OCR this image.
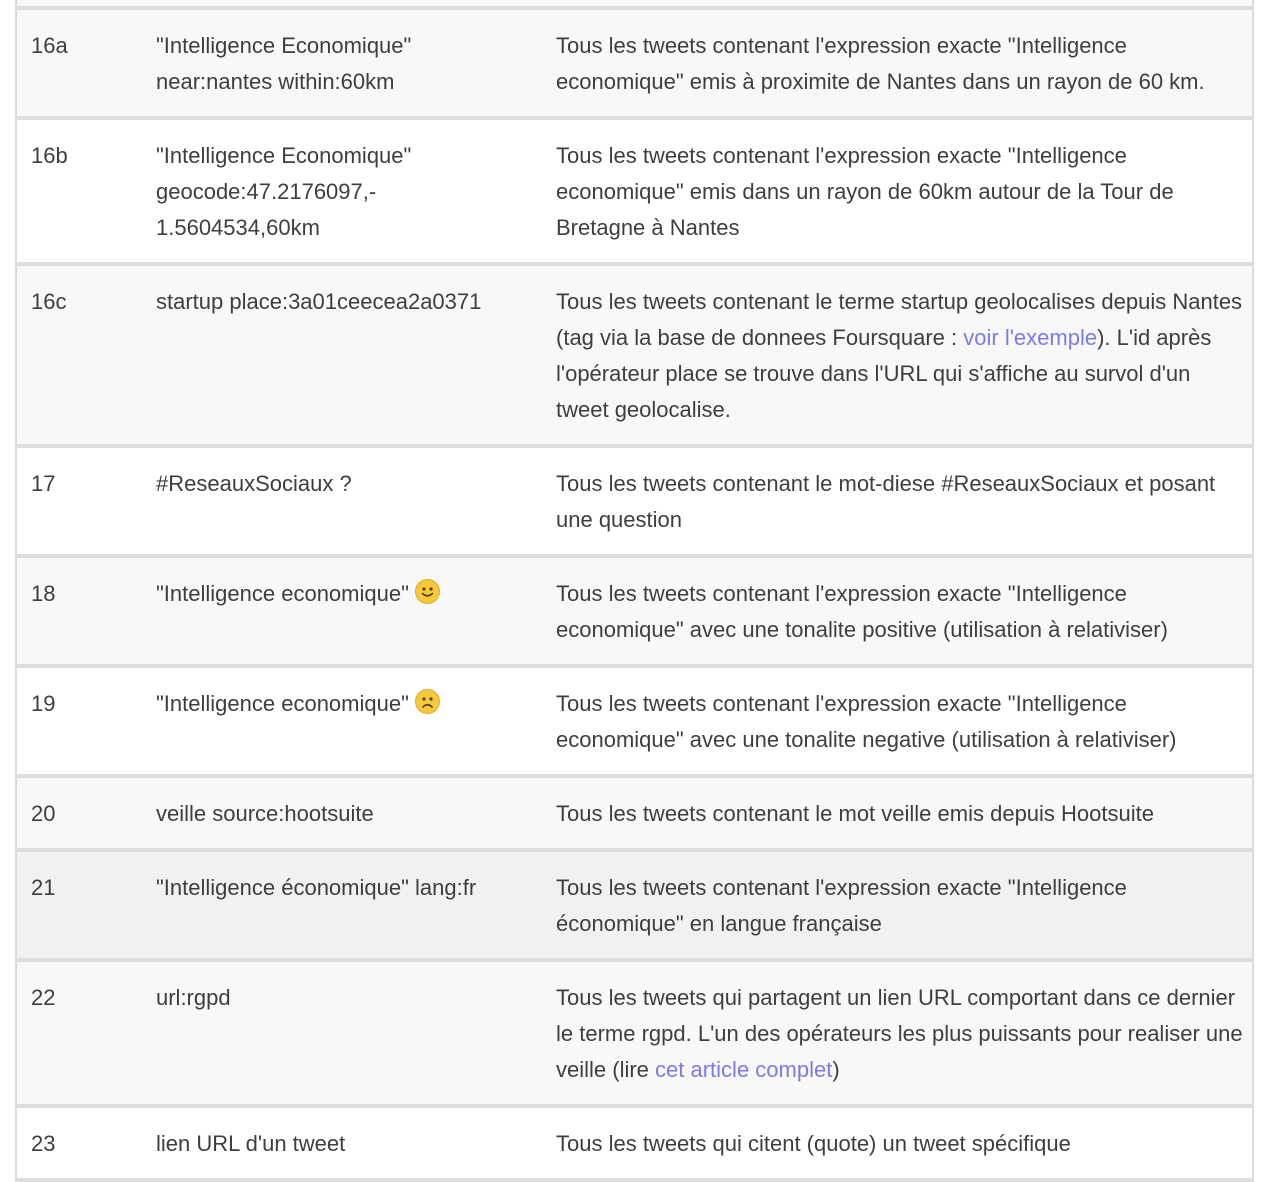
16a	"Intelligence Economique" near:nantes within:60km	Tous les tweets contenant l'expression exacte "Intelligence economique" emis à proximite de Nantes dans un rayon de 60 km.
16b	"Intelligence Economique"
geocode:47.2176097,-
1.5604534,60km	Tous les tweets contenant l'expression exacte "Intelligence economique" emis dans un rayon de 60km autour de la Tour de Bretagne à Nantes
16c	startup place:3a01ceecea2a0371	Tous les tweets contenant le terme startup geolocalises depuis Nantes (tag via la base de donnees Foursquare : voir l'exemple). L'id après l'opérateur place se trouve dans l'URL qui s'affiche au survol d'un tweet geolocalise.
17	#ReseauxSociaux ?	Tous les tweets contenant le mot-diese #ReseauxSociaux et posant une question
18	"Intelligence economique"	Tous les tweets contenant l'expression exacte "Intelligence economique" avec une tonalite positive (utilisation à relativiser)
19	"Intelligence economique"	Tous les tweets contenant l'expression exacte "Intelligence economique" avec une tonalite negative (utilisation à relativiser)
20	veille source:hootsuite	Tous les tweets contenant le mot veille emis depuis Hootsuite
21	"Intelligence économique" lang:fr	Tous les tweets contenant l'expression exacte "Intelligence économique" en langue française
22	url:rgpd	Tous les tweets qui partagent un lien URL comportant dans ce dernier le terme rgpd. L'un des opérateurs les plus puissants pour realiser une veille (lire cet article complet)
23	lien URL d'un tweet	Tous les tweets qui citent (quote) un tweet spécifique
